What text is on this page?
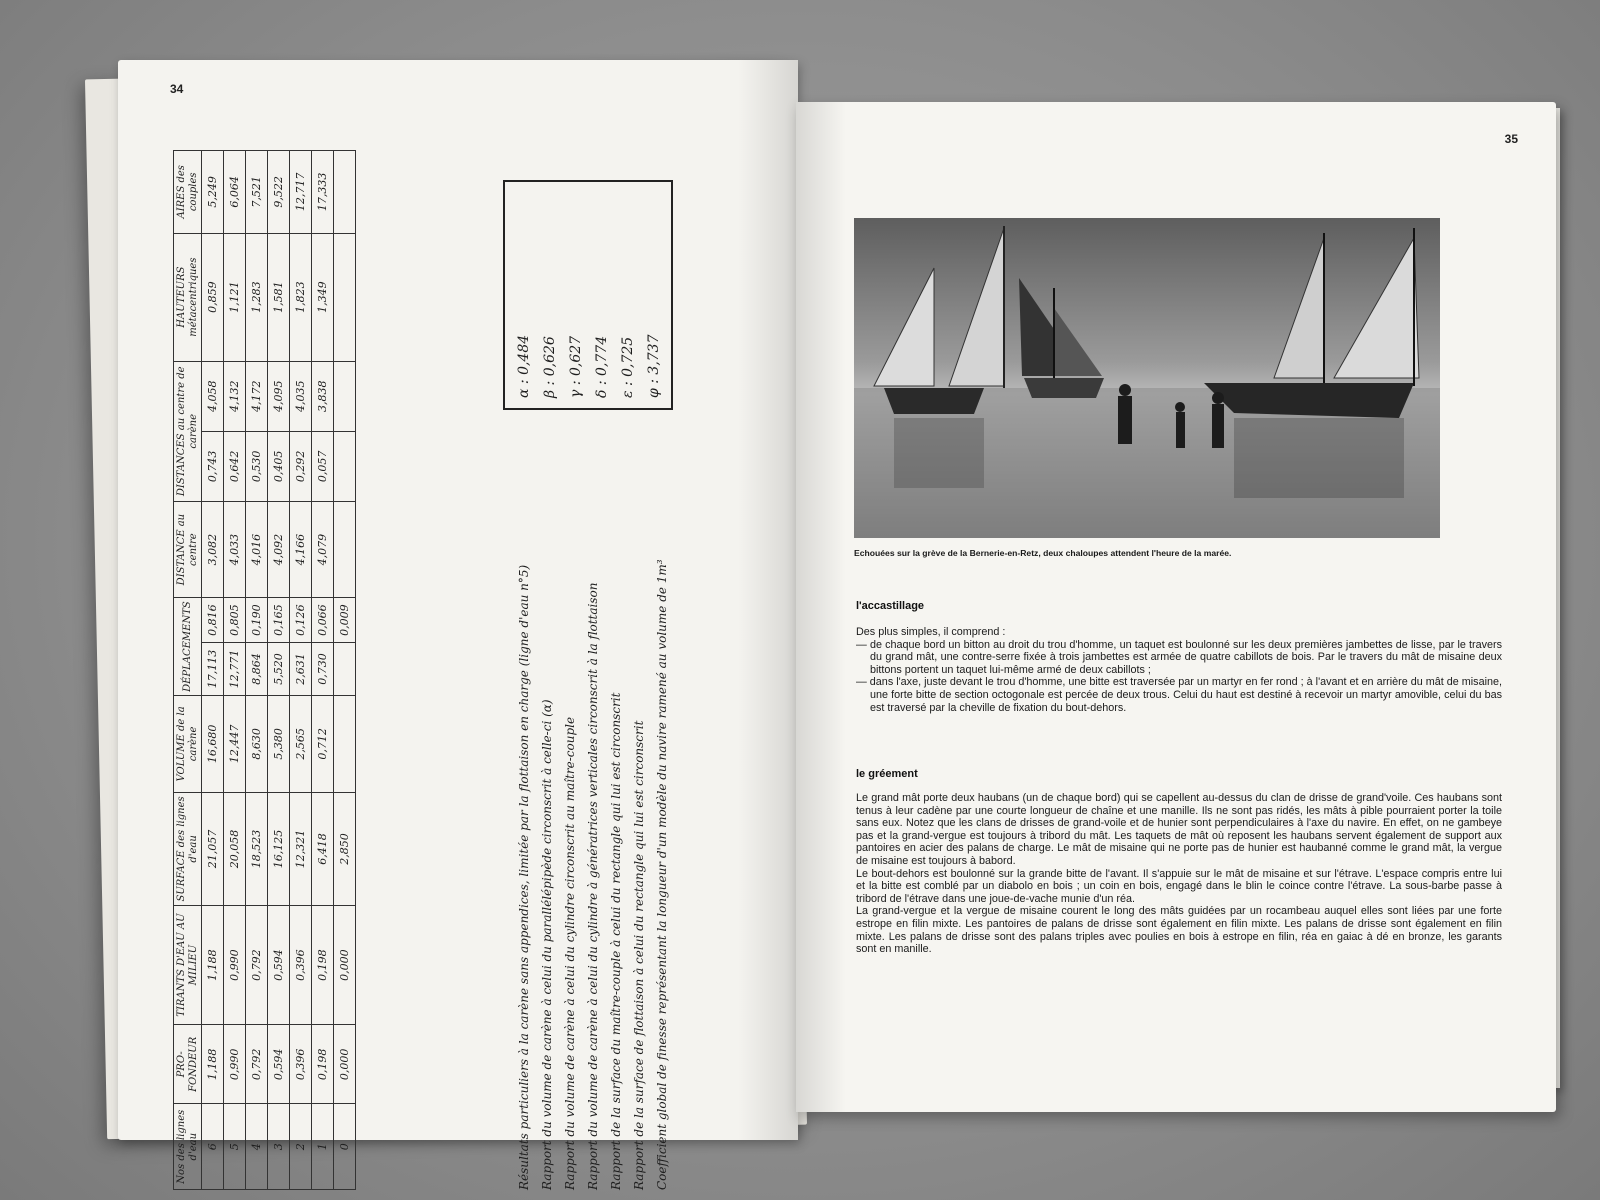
34
Nos des lignes d'eau	PRO-FONDEUR	TIRANTS D'EAU AU MILIEU	SURFACE des lignes d'eau	VOLUME de la carène	DÉPLACEMENTS		DISTANCE au centre	DISTANCES au centre de carène		HAUTEURS métacentriques	AIRES des couples
6	1,188	1,188	21,057	16,680	17,113	0,816	3,082	0,743	4,058	0,859	5,249
5	0,990	0,990	20,058	12,447	12,771	0,805	4,033	0,642	4,132	1,121	6,064
4	0,792	0,792	18,523	8,630	8,864	0,190	4,016	0,530	4,172	1,283	7,521
3	0,594	0,594	16,125	5,380	5,520	0,165	4,092	0,405	4,095	1,581	9,522
2	0,396	0,396	12,321	2,565	2,631	0,126	4,166	0,292	4,035	1,823	12,717
1	0,198	0,198	6,418	0,712	0,730	0,066	4,079	0,057	3,838	1,349	17,333
0	0,000	0,000	2,850			0,009						Résultats particuliers à la carène sans appendices, limitée par la flottaison en charge (ligne d'eau n°5) Rapport du volume de carène à celui du parallélépipède circonscrit à celle-ci (α) Rapport du volume de carène à celui du cylindre circonscrit au maître-couple Rapport du volume de carène à celui du cylindre à génératrices verticales circonscrit à la flottaison Rapport de la surface du maître-couple à celui du rectangle qui lui est circonscrit Rapport de la surface de flottaison à celui du rectangle qui lui est circonscrit Coefficient global de finesse représentant la longueur d'un modèle du navire ramené au volume de 1m³
α : 0,484 β : 0,626 γ : 0,627 δ : 0,774 ε : 0,725 φ : 3,737
35
Echouées sur la grève de la Bernerie-en-Retz, deux chaloupes attendent l'heure de la marée.
l'accastillage

Des plus simples, il comprend :

— de chaque bord un bitton au droit du trou d'homme, un taquet est boulonné sur les deux premières jambettes de lisse, par le travers du grand mât, une contre-serre fixée à trois jambettes est armée de quatre cabillots de bois. Par le travers du mât de misaine deux bittons portent un taquet lui-même armé de deux cabillots ;

— dans l'axe, juste devant le trou d'homme, une bitte est traversée par un martyr en fer rond ; à l'avant et en arrière du mât de misaine, une forte bitte de section octogonale est percée de deux trous. Celui du haut est destiné à recevoir un martyr amovible, celui du bas est traversé par la cheville de fixation du bout-dehors.

le gréement

Le grand mât porte deux haubans (un de chaque bord) qui se capellent au-dessus du clan de drisse de grand'voile. Ces haubans sont tenus à leur cadène par une courte longueur de chaîne et une manille. Ils ne sont pas ridés, les mâts à pible pourraient porter la toile sans eux. Notez que les clans de drisses de grand-voile et de hunier sont perpendiculaires à l'axe du navire. En effet, on ne gambeye pas et la grand-vergue est toujours à tribord du mât. Les taquets de mât où reposent les haubans servent également de support aux pantoires en acier des palans de charge. Le mât de misaine qui ne porte pas de hunier est haubanné comme le grand mât, la vergue de misaine est toujours à babord.

Le bout-dehors est boulonné sur la grande bitte de l'avant. Il s'appuie sur le mât de misaine et sur l'étrave. L'espace compris entre lui et la bitte est comblé par un diabolo en bois ; un coin en bois, engagé dans le blin le coince contre l'étrave. La sous-barbe passe à tribord de l'étrave dans une joue-de-vache munie d'un réa.

La grand-vergue et la vergue de misaine courent le long des mâts guidées par un rocambeau auquel elles sont liées par une forte estrope en filin mixte. Les pantoires de palans de drisse sont également en filin mixte. Les palans de drisse sont également en filin mixte. Les palans de drisse sont des palans triples avec poulies en bois à estrope en filin, réa en gaiac à dé en bronze, les garants sont en manille.
